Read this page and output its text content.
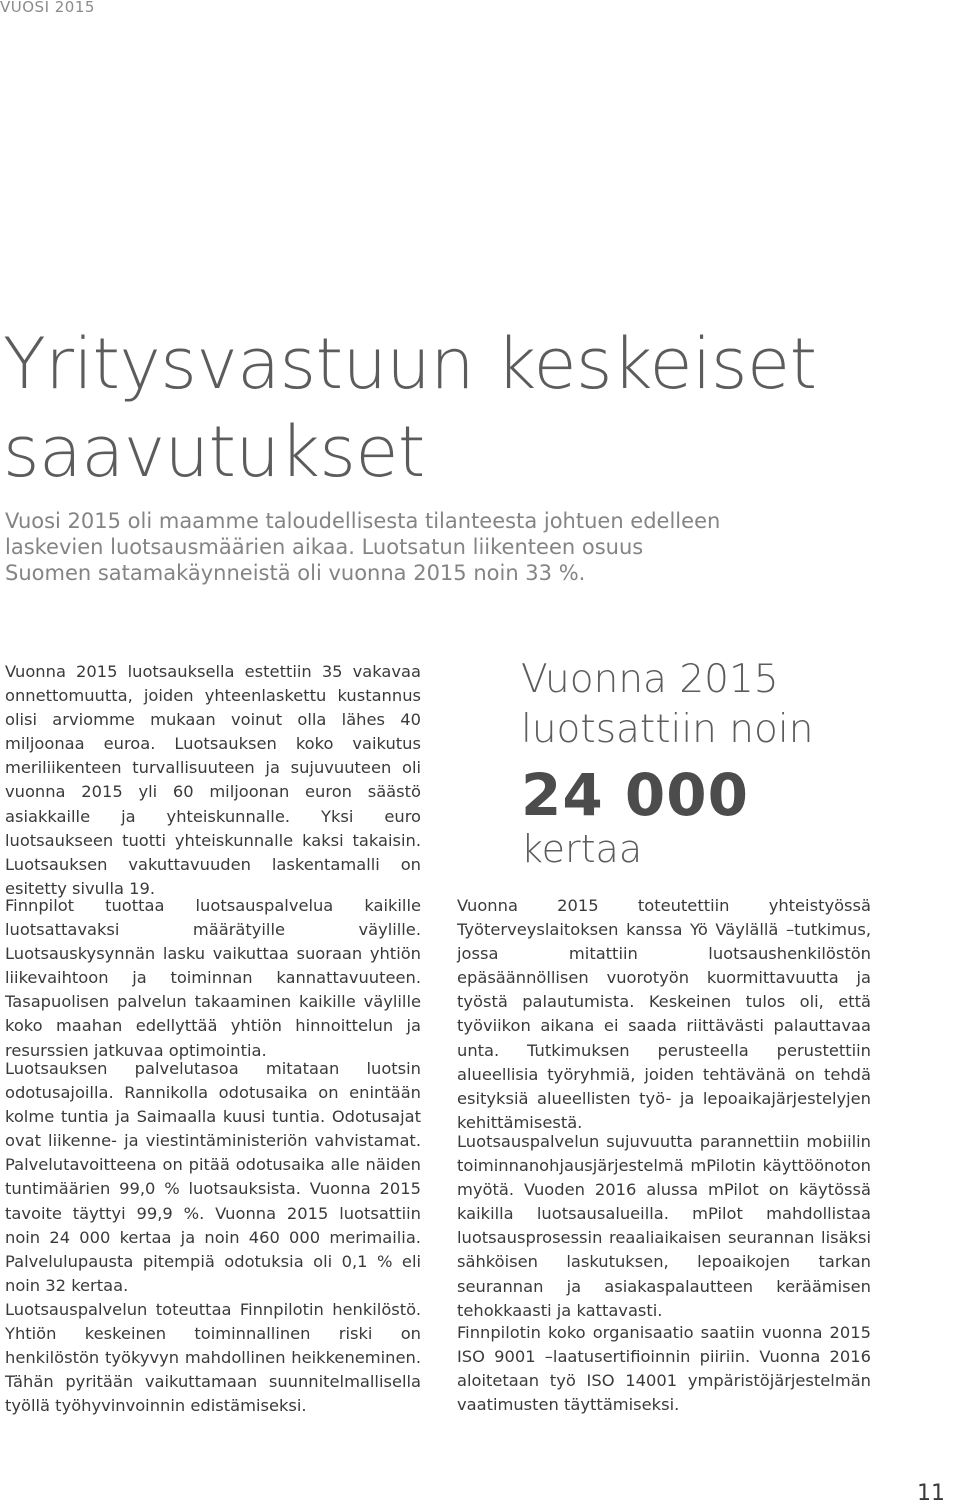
VUOSI 2015
Yritysvastuun keskeiset
saavutukset

Vuosi 2015 oli maamme taloudellisesta tilanteesta johtuen edelleen laskevien luotsausmäärien aikaa. Luotsatun liikenteen osuus Suomen satamakäynneistä oli vuonna 2015 noin 33 %.

Vuonna 2015 luotsauksella estettiin 35 vakavaa onnettomuutta, joiden yhteenlaskettu kustannus olisi arviomme mukaan voinut olla lähes 40 miljoonaa euroa. Luotsauksen koko vaikutus meriliikenteen turvallisuuteen ja sujuvuuteen oli vuonna 2015 yli 60 miljoonan euron säästö asiakkaille ja yhteiskunnalle. Yksi euro luotsaukseen tuotti yhteiskunnalle kaksi takaisin. Luotsauksen vakuttavuuden laskentamalli on esitetty sivulla 19.

Finnpilot tuottaa luotsauspalvelua kaikille luotsattavaksi määrätyille väylille. Luotsauskysynnän lasku vaikuttaa suoraan yhtiön liikevaihtoon ja toiminnan kannattavuuteen. Tasapuolisen palvelun takaaminen kaikille väylille koko maahan edellyttää yhtiön hinnoittelun ja resurssien jatkuvaa optimointia.

Luotsauksen palvelutasoa mitataan luotsin odotusajoilla. Rannikolla odotusaika on enintään kolme tuntia ja Saimaalla kuusi tuntia. Odotusajat ovat liikenne- ja viestintäministeriön vahvistamat. Palvelutavoitteena on pitää odotusaika alle näiden tuntimäärien 99,0 % luotsauksista. Vuonna 2015 tavoite täyttyi 99,9 %. Vuonna 2015 luotsattiin noin 24 000 kertaa ja noin 460 000 merimailia. Palvelulupausta pitempiä odotuksia oli 0,1 % eli noin 32 kertaa.

Luotsauspalvelun toteuttaa Finnpilotin henkilöstö. Yhtiön keskeinen toiminnallinen riski on henkilöstön työkyvyn mahdollinen heikkeneminen. Tähän pyritään vaikuttamaan suunnitelmallisella työllä työhyvinvoinnin edistämiseksi.

Vuonna 2015
luotsattiin noin
24 000
kertaa

Vuonna 2015 toteutettiin yhteistyössä Työterveyslaitoksen kanssa Yö Väylällä –tutkimus, jossa mitattiin luotsaushenkilöstön epäsäännöllisen vuorotyön kuormittavuutta ja työstä palautumista. Keskeinen tulos oli, että työviikon aikana ei saada riittävästi palauttavaa unta. Tutkimuksen perusteella perustettiin alueellisia työryhmiä, joiden tehtävänä on tehdä esityksiä alueellisten työ- ja lepoaikajärjestelyjen kehittämisestä.

Luotsauspalvelun sujuvuutta parannettiin mobiilin toiminnanohjausjärjestelmä mPilotin käyttöönoton myötä. Vuoden 2016 alussa mPilot on käytössä kaikilla luotsausalueilla. mPilot mahdollistaa luotsausprosessin reaaliaikaisen seurannan lisäksi sähköisen laskutuksen, lepoaikojen tarkan seurannan ja asiakaspalautteen keräämisen tehokkaasti ja kattavasti.

Finnpilotin koko organisaatio saatiin vuonna 2015 ISO 9001 –laatusertifioinnin piiriin. Vuonna 2016 aloitetaan työ ISO 14001 ympäristöjärjestelmän vaatimusten täyttämiseksi.

11
